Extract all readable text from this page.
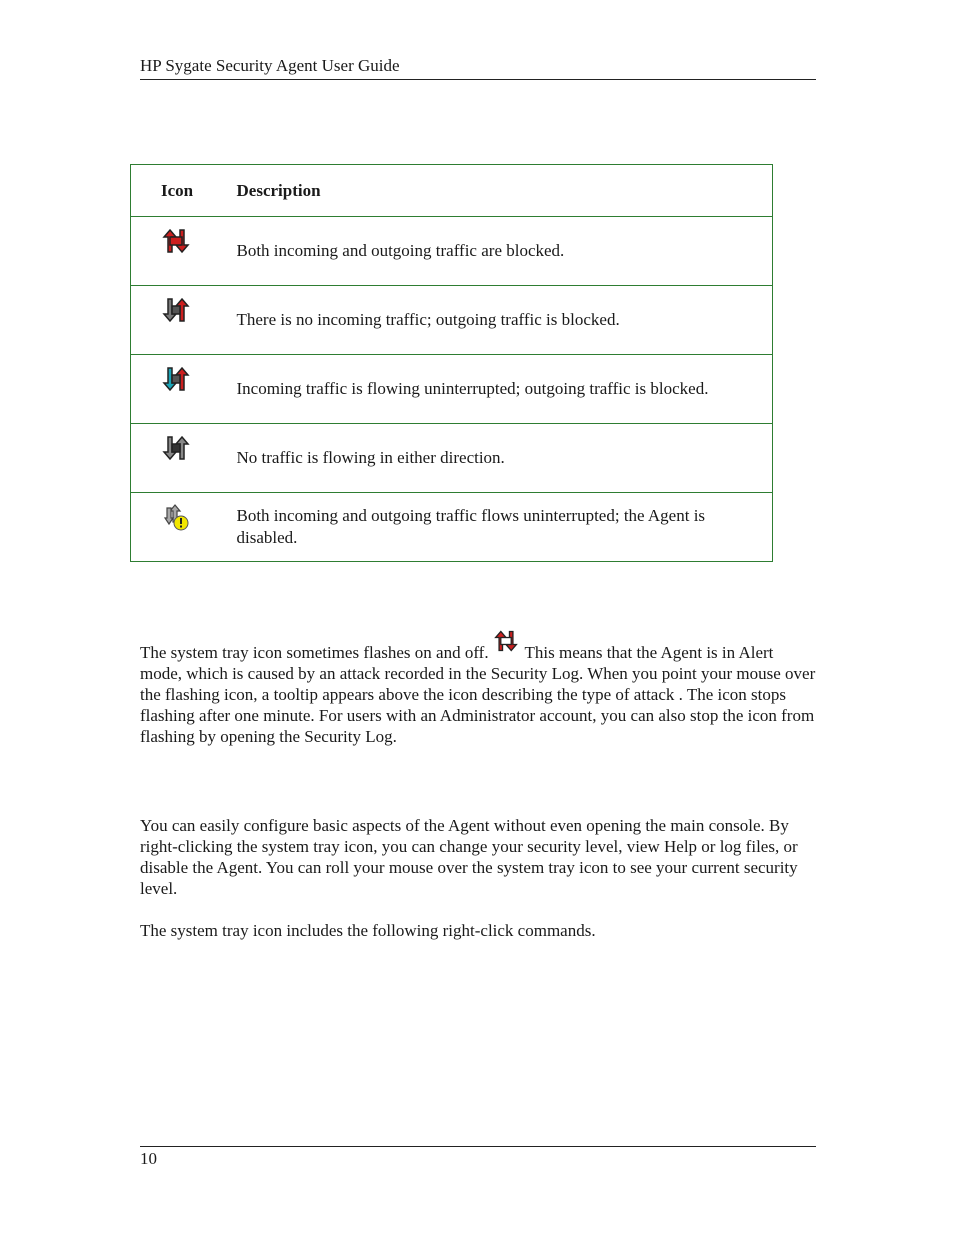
HP Sygate Security Agent User Guide
Icon	Description

	Both incoming and outgoing traffic are blocked.

	There is no incoming traffic; outgoing traffic is blocked.

	Incoming traffic is flowing uninterrupted; outgoing traffic is blocked.

	No traffic is flowing in either direction.

	Both incoming and outgoing traffic flows uninterrupted; the Agent is disabled.

The system tray icon sometimes flashes on and off. This means that the Agent is in Alert mode, which is caused by an attack recorded in the Security Log. When you point your mouse over the flashing icon, a tooltip appears above the icon describing the type of attack . The icon stops flashing after one minute. For users with an Administrator account, you can also stop the icon from flashing by opening the Security Log.

You can easily configure basic aspects of the Agent without even opening the main console. By right-clicking the system tray icon, you can change your security level, view Help or log files, or disable the Agent. You can roll your mouse over the system tray icon to see your current security level.

The system tray icon includes the following right-click commands.

10
